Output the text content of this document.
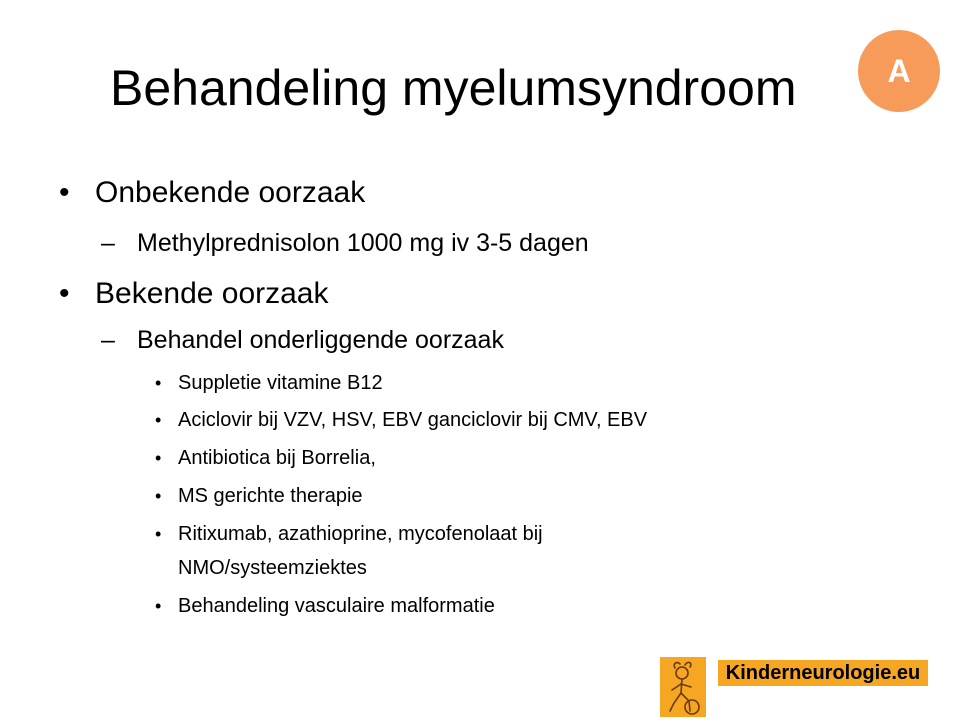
Behandeling myelumsyndroom	A
• Onbekende oorzaak
– Methylprednisolon 1000 mg iv 3-5 dagen
• Bekende oorzaak
– Behandel onderliggende oorzaak
• Suppletie vitamine B12
• Aciclovir bij VZV, HSV, EBV ganciclovir bij CMV, EBV
• Antibiotica bij Borrelia,
• MS gerichte therapie
• Ritixumab, azathioprine, mycofenolaat bij
NMO/systeemziektes
• Behandeling vasculaire malformatie
Kinderneurologie.eu
